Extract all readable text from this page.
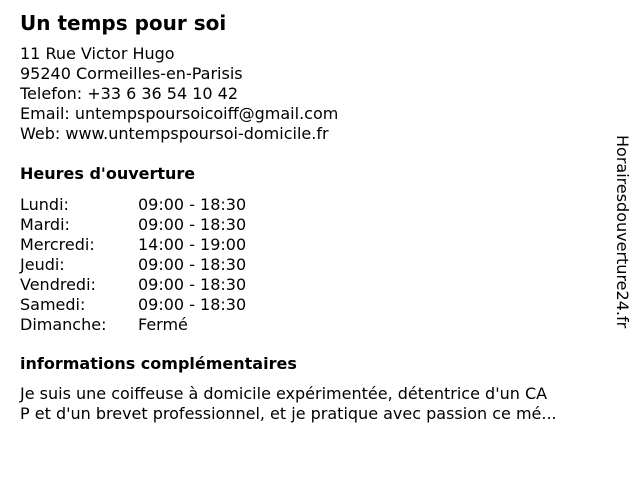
Un temps pour soi
11 Rue Victor Hugo
95240 Cormeilles-en-Parisis
Telefon: +33 6 36 54 10 42
Email: untempspoursoicoiff@gmail.com
Web: www.untempspoursoi-domicile.fr
Heures d'ouverture
Lundi:	09:00 - 18:30
Mardi:	09:00 - 18:30
Mercredi:	14:00 - 19:00
Jeudi:	09:00 - 18:30
Vendredi:	09:00 - 18:30
Samedi:	09:00 - 18:30
Dimanche: Fermé
informations complémentaires
Je suis une coiffeuse à domicile expérimentée, détentrice d'un CA
P et d'un brevet professionnel, et je pratique avec passion ce mé...
Horairesdouverture24.fr
